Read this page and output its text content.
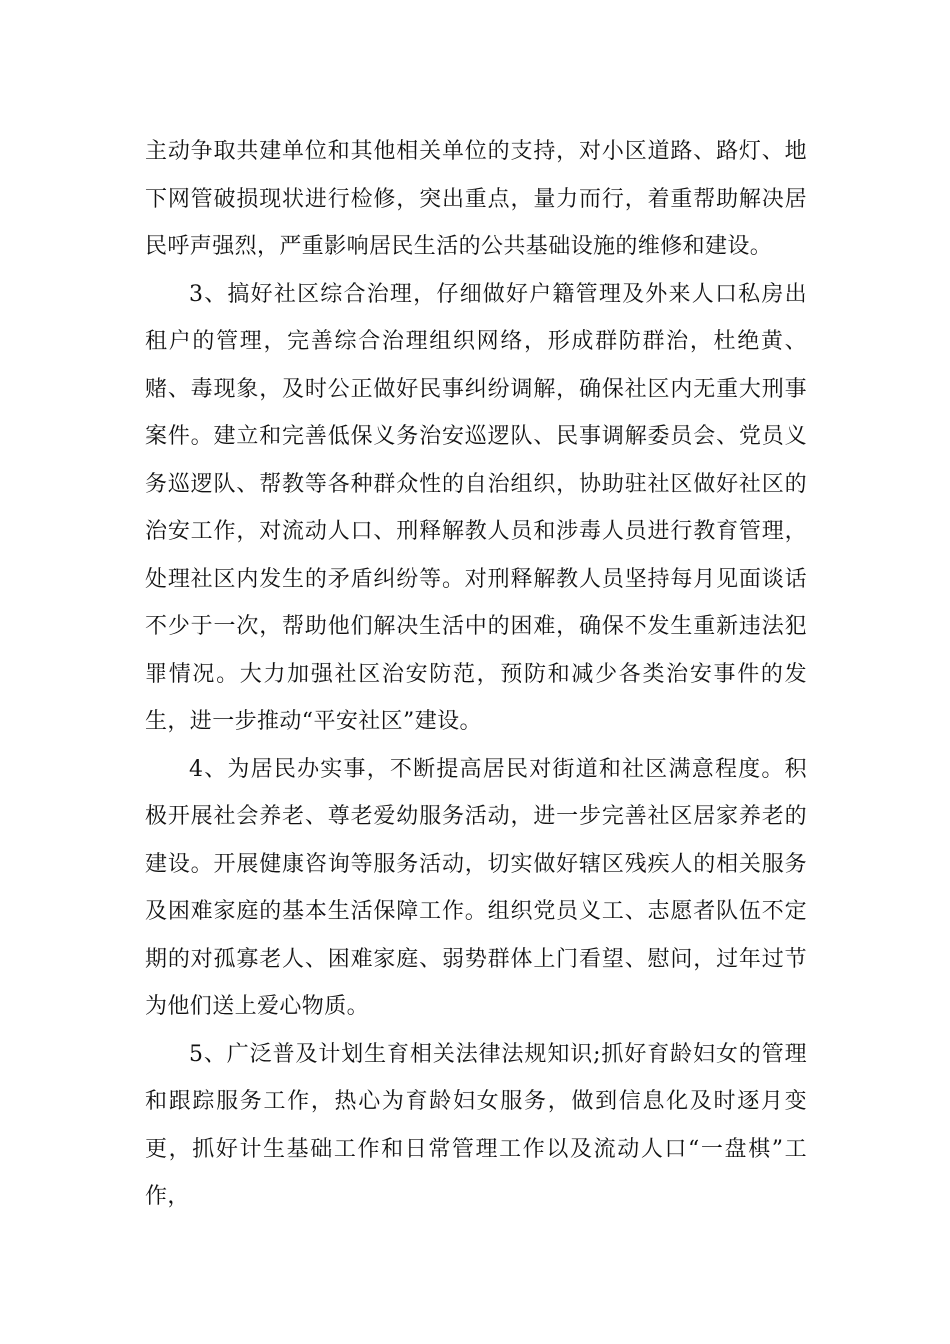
主动争取共建单位和其他相关单位的支持，对小区道路、路灯、地下网管破损现状进行检修，突出重点，量力而行，着重帮助解决居民呼声强烈，严重影响居民生活的公共基础设施的维修和建设。

3、搞好社区综合治理，仔细做好户籍管理及外来人口私房出租户的管理，完善综合治理组织网络，形成群防群治，杜绝黄、赌、毒现象，及时公正做好民事纠纷调解，确保社区内无重大刑事案件。建立和完善低保义务治安巡逻队、民事调解委员会、党员义务巡逻队、帮教等各种群众性的自治组织，协助驻社区做好社区的治安工作，对流动人口、刑释解教人员和涉毒人员进行教育管理，处理社区内发生的矛盾纠纷等。对刑释解教人员坚持每月见面谈话不少于一次，帮助他们解决生活中的困难，确保不发生重新违法犯罪情况。大力加强社区治安防范，预防和减少各类治安事件的发生，进一步推动“平安社区”建设。

4、为居民办实事，不断提高居民对街道和社区满意程度。积极开展社会养老、尊老爱幼服务活动，进一步完善社区居家养老的建设。开展健康咨询等服务活动，切实做好辖区残疾人的相关服务及困难家庭的基本生活保障工作。组织党员义工、志愿者队伍不定期的对孤寡老人、困难家庭、弱势群体上门看望、慰问，过年过节为他们送上爱心物质。

5、广泛普及计划生育相关法律法规知识;抓好育龄妇女的管理和跟踪服务工作，热心为育龄妇女服务，做到信息化及时逐月变更，抓好计生基础工作和日常管理工作以及流动人口“一盘棋”工作，
